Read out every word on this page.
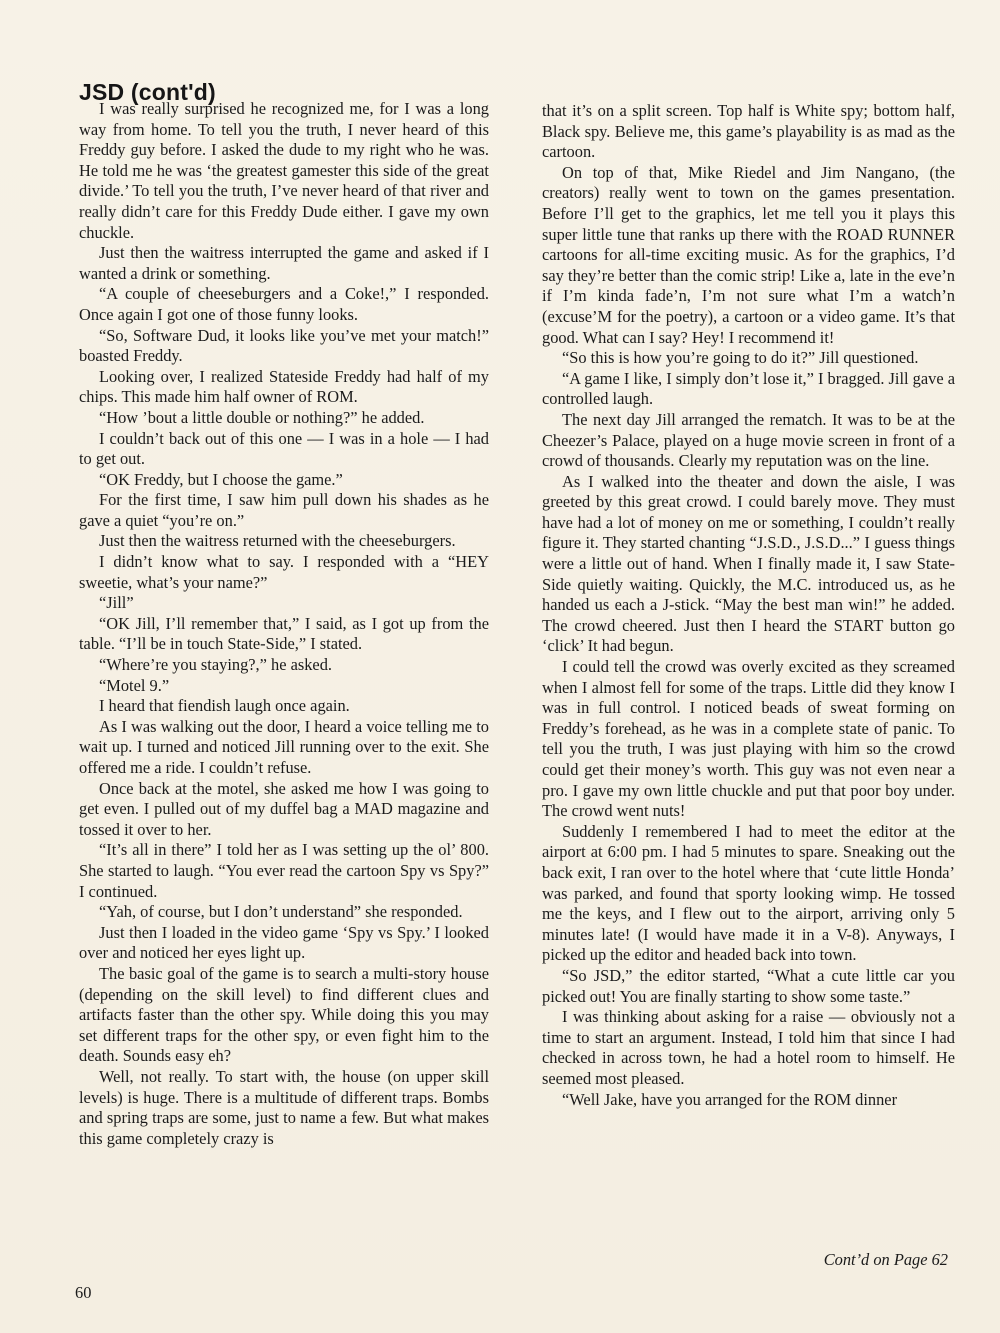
JSD (cont'd)

I was really surprised he recognized me, for I was a long way from home. To tell you the truth, I never heard of this Freddy guy before. I asked the dude to my right who he was. He told me he was ‘the greatest gamester this side of the great divide.’ To tell you the truth, I’ve never heard of that river and really didn’t care for this Freddy Dude either. I gave my own chuckle.

Just then the waitress interrupted the game and asked if I wanted a drink or something.

“A couple of cheeseburgers and a Coke!,” I responded. Once again I got one of those funny looks.

“So, Software Dud, it looks like you’ve met your match!” boasted Freddy.

Looking over, I realized Stateside Freddy had half of my chips. This made him half owner of ROM.

“How ’bout a little double or nothing?” he added.

I couldn’t back out of this one — I was in a hole — I had to get out.

“OK Freddy, but I choose the game.”

For the first time, I saw him pull down his shades as he gave a quiet “you’re on.”

Just then the waitress returned with the cheeseburgers.

I didn’t know what to say. I responded with a “HEY sweetie, what’s your name?”

“Jill”

“OK Jill, I’ll remember that,” I said, as I got up from the table. “I’ll be in touch State-Side,” I stated.

“Where’re you staying?,” he asked.

“Motel 9.”

I heard that fiendish laugh once again.

As I was walking out the door, I heard a voice telling me to wait up. I turned and noticed Jill running over to the exit. She offered me a ride. I couldn’t refuse.

Once back at the motel, she asked me how I was going to get even. I pulled out of my duffel bag a MAD magazine and tossed it over to her.

“It’s all in there” I told her as I was setting up the ol’ 800. She started to laugh. “You ever read the cartoon Spy vs Spy?” I continued.

“Yah, of course, but I don’t understand” she responded.

Just then I loaded in the video game ‘Spy vs Spy.’ I looked over and noticed her eyes light up.

The basic goal of the game is to search a multi-story house (depending on the skill level) to find different clues and artifacts faster than the other spy. While doing this you may set different traps for the other spy, or even fight him to the death. Sounds easy eh?

Well, not really. To start with, the house (on upper skill levels) is huge. There is a multitude of different traps. Bombs and spring traps are some, just to name a few. But what makes this game completely crazy is

that it’s on a split screen. Top half is White spy; bottom half, Black spy. Believe me, this game’s playability is as mad as the cartoon.

On top of that, Mike Riedel and Jim Nangano, (the creators) really went to town on the games presentation. Before I’ll get to the graphics, let me tell you it plays this super little tune that ranks up there with the ROAD RUNNER cartoons for all-time exciting music. As for the graphics, I’d say they’re better than the comic strip! Like a, late in the eve’n if I’m kinda fade’n, I’m not sure what I’m a watch’n (excuse’M for the poetry), a cartoon or a video game. It’s that good. What can I say? Hey! I recommend it!

“So this is how you’re going to do it?” Jill questioned.

“A game I like, I simply don’t lose it,” I bragged. Jill gave a controlled laugh.

The next day Jill arranged the rematch. It was to be at the Cheezer’s Palace, played on a huge movie screen in front of a crowd of thousands. Clearly my reputation was on the line.

As I walked into the theater and down the aisle, I was greeted by this great crowd. I could barely move. They must have had a lot of money on me or something, I couldn’t really figure it. They started chanting “J.S.D., J.S.D...” I guess things were a little out of hand. When I finally made it, I saw State-Side quietly waiting. Quickly, the M.C. introduced us, as he handed us each a J-stick. “May the best man win!” he added. The crowd cheered. Just then I heard the START button go ‘click’ It had begun.

I could tell the crowd was overly excited as they screamed when I almost fell for some of the traps. Little did they know I was in full control. I noticed beads of sweat forming on Freddy’s forehead, as he was in a complete state of panic. To tell you the truth, I was just playing with him so the crowd could get their money’s worth. This guy was not even near a pro. I gave my own little chuckle and put that poor boy under. The crowd went nuts!

Suddenly I remembered I had to meet the editor at the airport at 6:00 pm. I had 5 minutes to spare. Sneaking out the back exit, I ran over to the hotel where that ‘cute little Honda’ was parked, and found that sporty looking wimp. He tossed me the keys, and I flew out to the airport, arriving only 5 minutes late! (I would have made it in a V-8). Anyways, I picked up the editor and headed back into town.

“So JSD,” the editor started, “What a cute little car you picked out! You are finally starting to show some taste.”

I was thinking about asking for a raise — obviously not a time to start an argument. Instead, I told him that since I had checked in across town, he had a hotel room to himself. He seemed most pleased.

“Well Jake, have you arranged for the ROM dinner

Cont’d on Page 62
60
